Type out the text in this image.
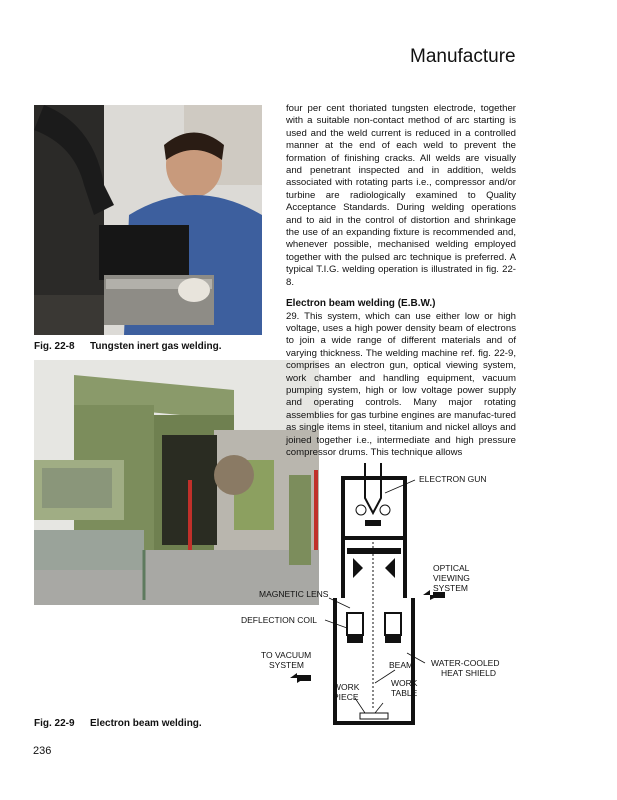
Manufacture
Fig. 22-8 Tungsten inert gas welding.
Fig. 22-9 Electron beam welding.

four per cent thoriated tungsten electrode, together with a suitable non-contact method of arc starting is used and the weld current is reduced in a controlled manner at the end of each weld to prevent the formation of finishing cracks. All welds are visually and penetrant inspected and in addition, welds associated with rotating parts i.e., compressor and/or turbine are radiologically examined to Quality Acceptance Standards. During welding operations and to aid in the control of distortion and shrinkage the use of an expanding fixture is recommended and, whenever possible, mechanised welding employed together with the pulsed arc technique is preferred. A typical T.I.G. welding operation is illustrated in fig. 22-8.

Electron beam welding (E.B.W.)

29. This system, which can use either low or high voltage, uses a high power density beam of electrons to join a wide range of different materials and of varying thickness. The welding machine ref. fig. 22-9, comprises an electron gun, optical viewing system, work chamber and handling equipment, vacuum pumping system, high or low voltage power supply and operating controls. Many major rotating assemblies for gas turbine engines are manufac-tured as single items in steel, titanium and nickel alloys and joined together i.e., intermediate and high pressure compressor drums. This technique allows

ELECTRON GUN
OPTICAL
VIEWING
SYSTEM
MAGNETIC LENS
DEFLECTION COIL
TO VACUUM
SYSTEM	BEAM WATER-COOLED
HEAT SHIELD
WORK
TABLE
WORK
PIECE
236
